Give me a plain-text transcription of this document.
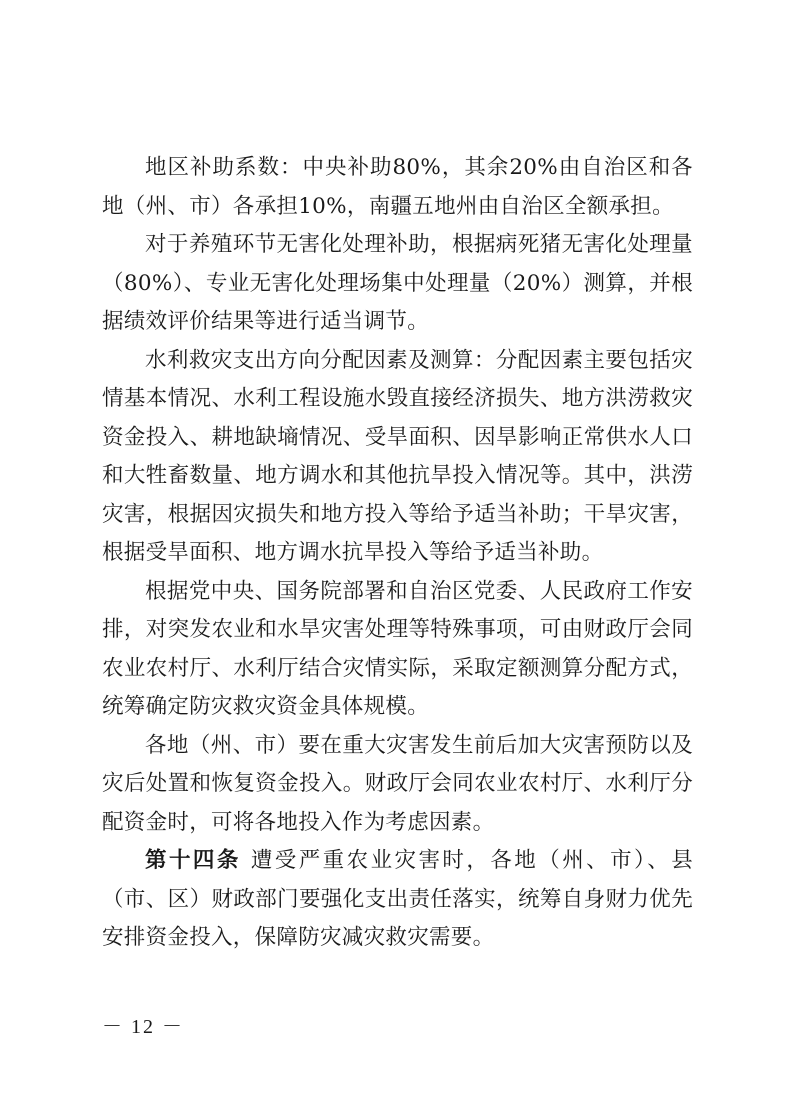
地区补助系数：中央补助80%，其余20%由自治区和各地（州、市）各承担10%，南疆五地州由自治区全额承担。

对于养殖环节无害化处理补助，根据病死猪无害化处理量（80%）、专业无害化处理场集中处理量（20%）测算，并根据绩效评价结果等进行适当调节。

水利救灾支出方向分配因素及测算：分配因素主要包括灾情基本情况、水利工程设施水毁直接经济损失、地方洪涝救灾资金投入、耕地缺墒情况、受旱面积、因旱影响正常供水人口和大牲畜数量、地方调水和其他抗旱投入情况等。其中，洪涝灾害，根据因灾损失和地方投入等给予适当补助；干旱灾害，根据受旱面积、地方调水抗旱投入等给予适当补助。

根据党中央、国务院部署和自治区党委、人民政府工作安排，对突发农业和水旱灾害处理等特殊事项，可由财政厅会同农业农村厅、水利厅结合灾情实际，采取定额测算分配方式，统筹确定防灾救灾资金具体规模。

各地（州、市）要在重大灾害发生前后加大灾害预防以及灾后处置和恢复资金投入。财政厅会同农业农村厅、水利厅分配资金时，可将各地投入作为考虑因素。

第十四条 遭受严重农业灾害时，各地（州、市）、县（市、区）财政部门要强化支出责任落实，统筹自身财力优先安排资金投入，保障防灾减灾救灾需要。

－ 12 －
